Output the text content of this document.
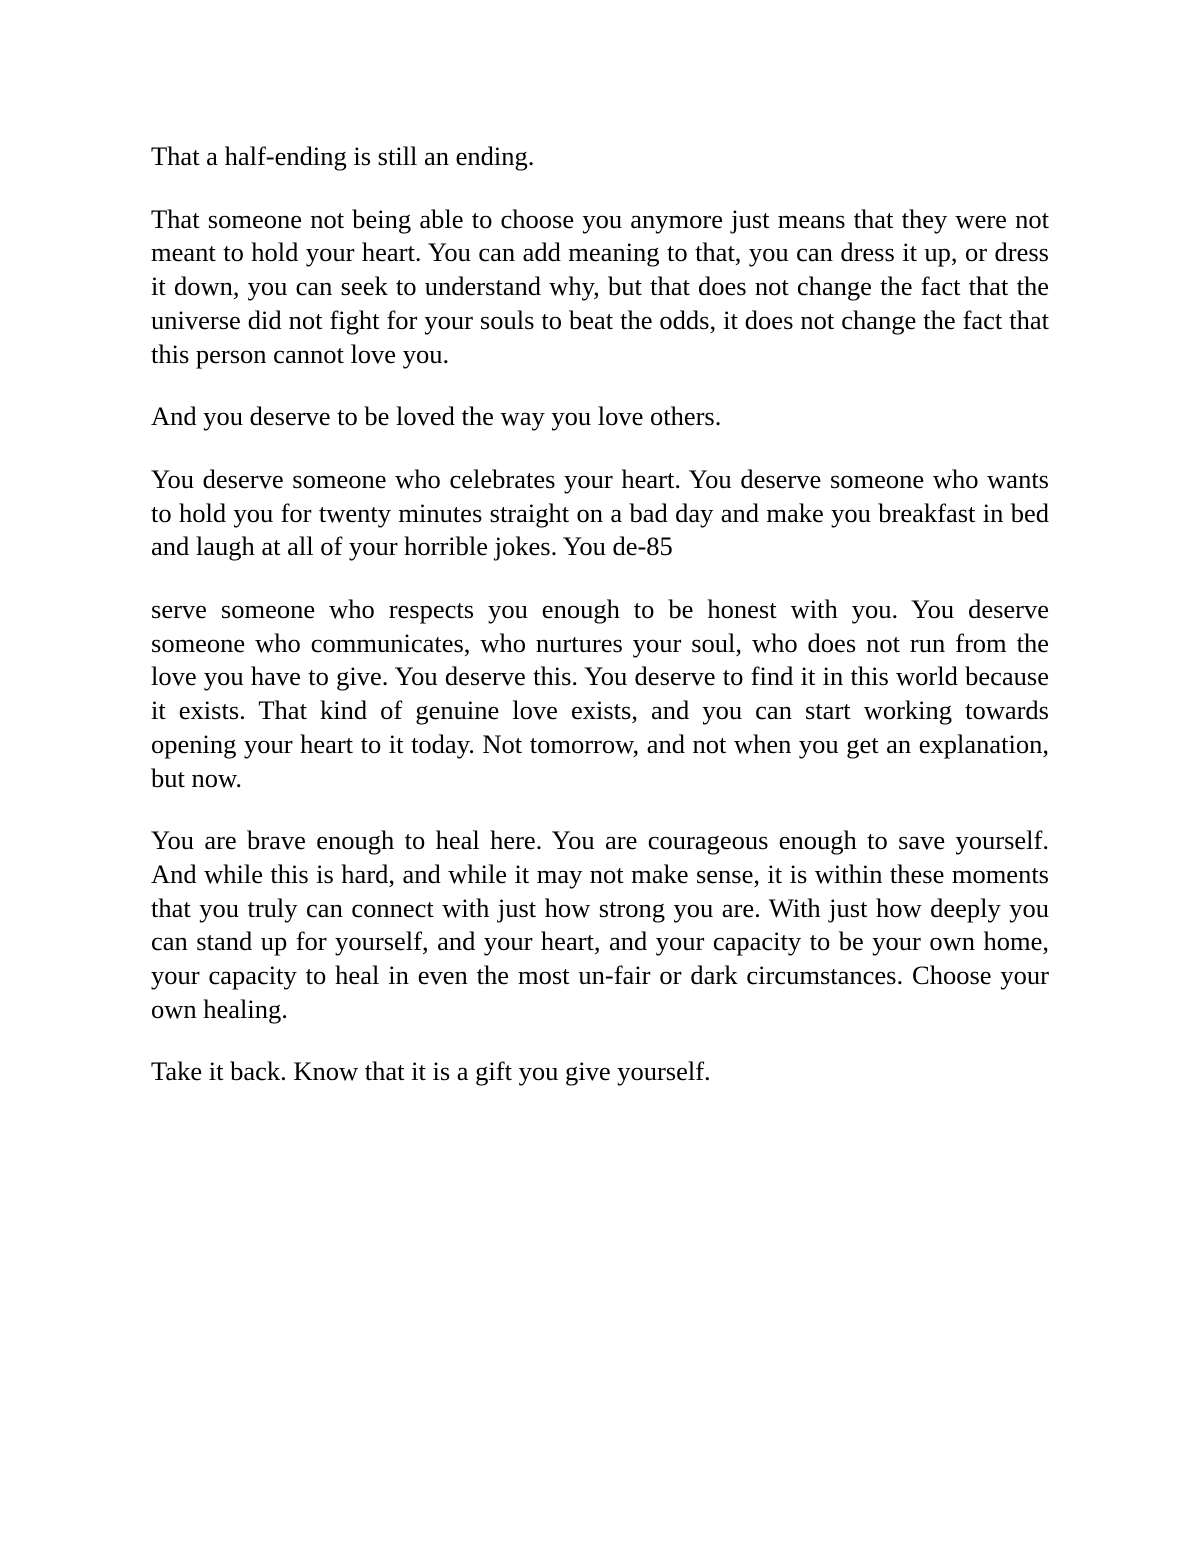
That a half-ending is still an ending.

That someone not being able to choose you anymore just means that they were not meant to hold your heart. You can add meaning to that, you can dress it up, or dress it down, you can seek to understand why, but that does not change the fact that the universe did not fight for your souls to beat the odds, it does not change the fact that this person cannot love you.

And you deserve to be loved the way you love others.

You deserve someone who celebrates your heart. You deserve someone who wants to hold you for twenty minutes straight on a bad day and make you breakfast in bed and laugh at all of your horrible jokes. You de-85

serve someone who respects you enough to be honest with you. You deserve someone who communicates, who nurtures your soul, who does not run from the love you have to give. You deserve this. You deserve to find it in this world because it exists. That kind of genuine love exists, and you can start working towards opening your heart to it today. Not tomorrow, and not when you get an explanation, but now.

You are brave enough to heal here. You are courageous enough to save yourself. And while this is hard, and while it may not make sense, it is within these moments that you truly can connect with just how strong you are. With just how deeply you can stand up for yourself, and your heart, and your capacity to be your own home, your capacity to heal in even the most un-fair or dark circumstances. Choose your own healing.

Take it back. Know that it is a gift you give yourself.
